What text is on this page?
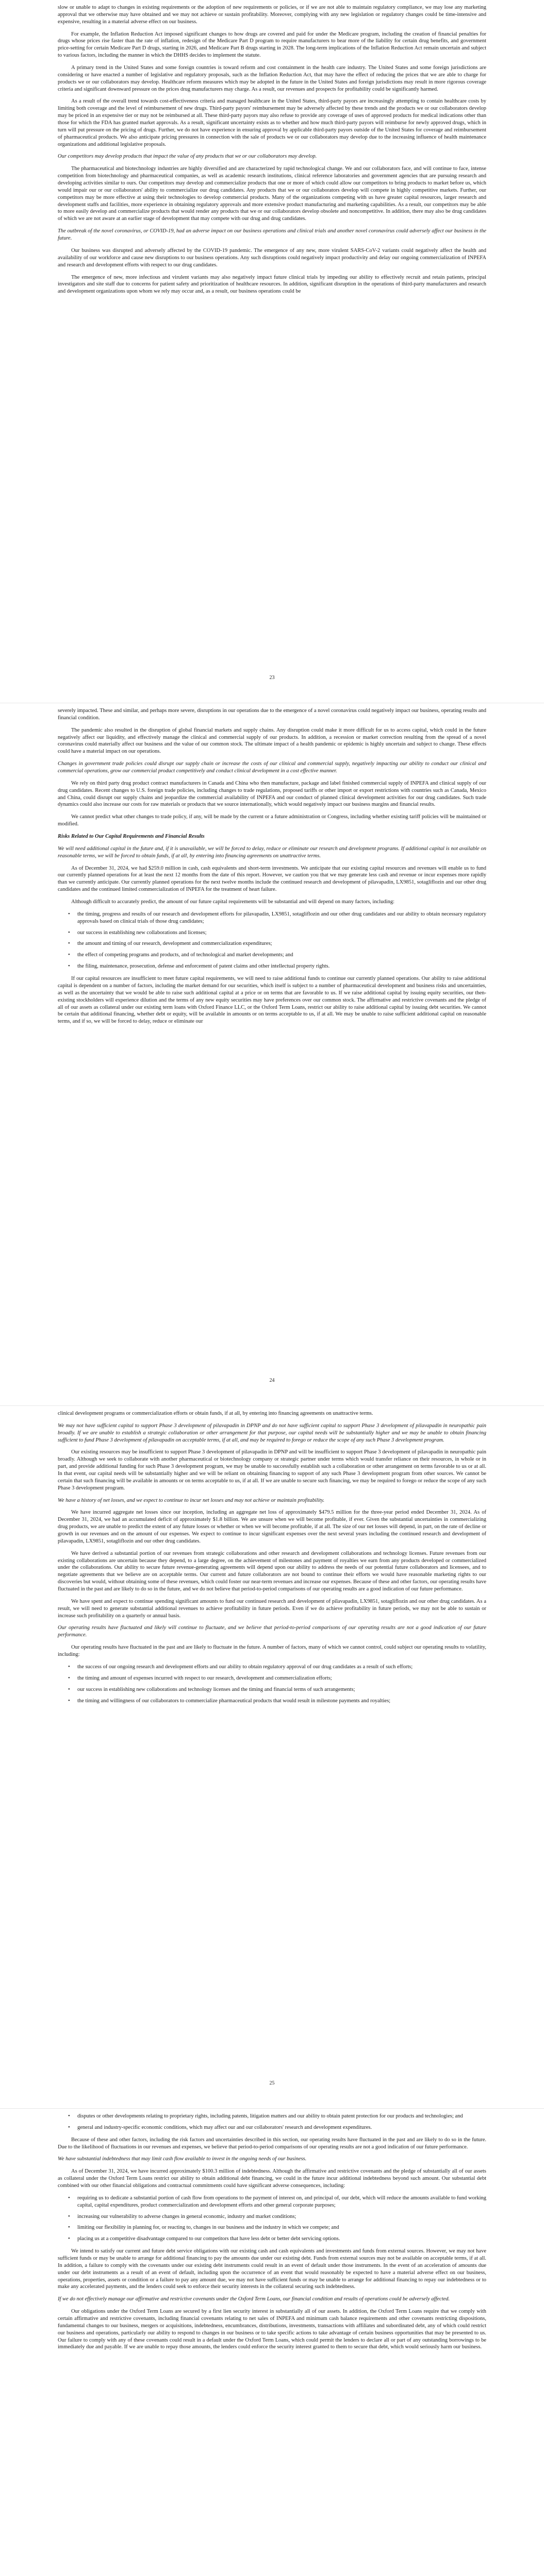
slow or unable to adapt to changes in existing requirements or the adoption of new requirements or policies, or if we are not able to maintain regulatory compliance, we may lose any marketing approval that we otherwise may have obtained and we may not achieve or sustain profitability. Moreover, complying with any new legislation or regulatory changes could be time-intensive and expensive, resulting in a material adverse effect on our business.

For example, the Inflation Reduction Act imposed significant changes to how drugs are covered and paid for under the Medicare program, including the creation of financial penalties for drugs whose prices rise faster than the rate of inflation, redesign of the Medicare Part D program to require manufacturers to bear more of the liability for certain drug benefits, and government price-setting for certain Medicare Part D drugs, starting in 2026, and Medicare Part B drugs starting in 2028. The long-term implications of the Inflation Reduction Act remain uncertain and subject to various factors, including the manner in which the DHHS decides to implement the statute.

A primary trend in the United States and some foreign countries is toward reform and cost containment in the health care industry. The United States and some foreign jurisdictions are considering or have enacted a number of legislative and regulatory proposals, such as the Inflation Reduction Act, that may have the effect of reducing the prices that we are able to charge for products we or our collaborators may develop. Healthcare reform measures which may be adopted in the future in the United States and foreign jurisdictions may result in more rigorous coverage criteria and significant downward pressure on the prices drug manufacturers may charge. As a result, our revenues and prospects for profitability could be significantly harmed.

As a result of the overall trend towards cost-effectiveness criteria and managed healthcare in the United States, third-party payors are increasingly attempting to contain healthcare costs by limiting both coverage and the level of reimbursement of new drugs. Third-party payors' reimbursement may be adversely affected by these trends and the products we or our collaborators develop may be priced in an expensive tier or may not be reimbursed at all. These third-party payors may also refuse to provide any coverage of uses of approved products for medical indications other than those for which the FDA has granted market approvals. As a result, significant uncertainty exists as to whether and how much third-party payors will reimburse for newly approved drugs, which in turn will put pressure on the pricing of drugs. Further, we do not have experience in ensuring approval by applicable third-party payors outside of the United States for coverage and reimbursement of pharmaceutical products. We also anticipate pricing pressures in connection with the sale of products we or our collaborators may develop due to the increasing influence of health maintenance organizations and additional legislative proposals.

Our competitors may develop products that impact the value of any products that we or our collaborators may develop.

The pharmaceutical and biotechnology industries are highly diversified and are characterized by rapid technological change. We and our collaborators face, and will continue to face, intense competition from biotechnology and pharmaceutical companies, as well as academic research institutions, clinical reference laboratories and government agencies that are pursuing research and developing activities similar to ours. Our competitors may develop and commercialize products that one or more of which could allow our competitors to bring products to market before us, which would impair our or our collaborators' ability to commercialize our drug candidates. Any products that we or our collaborators develop will compete in highly competitive markets. Further, our competitors may be more effective at using their technologies to develop commercial products. Many of the organizations competing with us have greater capital resources, larger research and development staffs and facilities, more experience in obtaining regulatory approvals and more extensive product manufacturing and marketing capabilities. As a result, our competitors may be able to more easily develop and commercialize products that would render any products that we or our collaborators develop obsolete and noncompetitive. In addition, there may also be drug candidates of which we are not aware at an earlier stage of development that may compete with our drug and drug candidates.

The outbreak of the novel coronavirus, or COVID-19, had an adverse impact on our business operations and clinical trials and another novel coronavirus could adversely affect our business in the future.

Our business was disrupted and adversely affected by the COVID-19 pandemic. The emergence of any new, more virulent SARS-CoV-2 variants could negatively affect the health and availability of our workforce and cause new disruptions to our business operations. Any such disruptions could negatively impact productivity and delay our ongoing commercialization of INPEFA and research and development efforts with respect to our drug candidates.

The emergence of new, more infectious and virulent variants may also negatively impact future clinical trials by impeding our ability to effectively recruit and retain patients, principal investigators and site staff due to concerns for patient safety and prioritization of healthcare resources. In addition, significant disruption in the operations of third-party manufacturers and research and development organizations upon whom we rely may occur and, as a result, our business operations could be

23

severely impacted. These and similar, and perhaps more severe, disruptions in our operations due to the emergence of a novel coronavirus could negatively impact our business, operating results and financial condition.

The pandemic also resulted in the disruption of global financial markets and supply chains. Any disruption could make it more difficult for us to access capital, which could in the future negatively affect our liquidity, and effectively manage the clinical and commercial supply of our products. In addition, a recession or market correction resulting from the spread of a novel coronavirus could materially affect our business and the value of our common stock. The ultimate impact of a health pandemic or epidemic is highly uncertain and subject to change. These effects could have a material impact on our operations.

Changes in government trade policies could disrupt our supply chain or increase the costs of our clinical and commercial supply, negatively impacting our ability to conduct our clinical and commercial operations, grow our commercial product competitively and conduct clinical development in a cost effective manner.

We rely on third party drug product contract manufacturers in Canada and China who then manufacture, package and label finished commercial supply of INPEFA and clinical supply of our drug candidates. Recent changes to U.S. foreign trade policies, including changes to trade regulations, proposed tariffs or other import or export restrictions with countries such as Canada, Mexico and China, could disrupt our supply chains and jeopardize the commercial availability of INPEFA and our conduct of planned clinical development activities for our drug candidates. Such trade dynamics could also increase our costs for raw materials or products that we source internationally, which would negatively impact our business margins and financial results.

We cannot predict what other changes to trade policy, if any, will be made by the current or a future administration or Congress, including whether existing tariff policies will be maintained or modified.

Risks Related to Our Capital Requirements and Financial Results

We will need additional capital in the future and, if it is unavailable, we will be forced to delay, reduce or eliminate our research and development programs. If additional capital is not available on reasonable terms, we will be forced to obtain funds, if at all, by entering into financing agreements on unattractive terms.

As of December 31, 2024, we had $259.0 million in cash, cash equivalents and short-term investments. We anticipate that our existing capital resources and revenues will enable us to fund our currently planned operations for at least the next 12 months from the date of this report. However, we caution you that we may generate less cash and revenue or incur expenses more rapidly than we currently anticipate. Our currently planned operations for the next twelve months include the continued research and development of pilavapadin, LX9851, sotagliflozin and our other drug candidates and the continued limited commercialization of INPEFA for the treatment of heart failure.

Although difficult to accurately predict, the amount of our future capital requirements will be substantial and will depend on many factors, including:

• the timing, progress and results of our research and development efforts for pilavapadin, LX9851, sotagliflozin and our other drug candidates and our ability to obtain necessary regulatory approvals based on clinical trials of those drug candidates;
• our success in establishing new collaborations and licenses;
• the amount and timing of our research, development and commercialization expenditures;
• the effect of competing programs and products, and of technological and market developments; and
• the filing, maintenance, prosecution, defense and enforcement of patent claims and other intellectual property rights.

If our capital resources are insufficient to meet future capital requirements, we will need to raise additional funds to continue our currently planned operations. Our ability to raise additional capital is dependent on a number of factors, including the market demand for our securities, which itself is subject to a number of pharmaceutical development and business risks and uncertainties, as well as the uncertainty that we would be able to raise such additional capital at a price or on terms that are favorable to us. If we raise additional capital by issuing equity securities, our then-existing stockholders will experience dilution and the terms of any new equity securities may have preferences over our common stock. The affirmative and restrictive covenants and the pledge of all of our assets as collateral under our existing term loans with Oxford Finance LLC, or the Oxford Term Loans, restrict our ability to raise additional capital by issuing debt securities. We cannot be certain that additional financing, whether debt or equity, will be available in amounts or on terms acceptable to us, if at all. We may be unable to raise sufficient additional capital on reasonable terms, and if so, we will be forced to delay, reduce or eliminate our

24

clinical development programs or commercialization efforts or obtain funds, if at all, by entering into financing agreements on unattractive terms.

We may not have sufficient capital to support Phase 3 development of pilavapadin in DPNP and do not have sufficient capital to support Phase 3 development of pilavapadin in neuropathic pain broadly. If we are unable to establish a strategic collaboration or other arrangement for that purpose, our capital needs will be substantially higher and we may be unable to obtain financing sufficient to fund Phase 3 development of pilavapadin on acceptable terms, if at all, and may be required to forego or reduce the scope of any such Phase 3 development program.

Our existing resources may be insufficient to support Phase 3 development of pilavapadin in DPNP and will be insufficient to support Phase 3 development of pilavapadin in neuropathic pain broadly. Although we seek to collaborate with another pharmaceutical or biotechnology company or strategic partner under terms which would transfer reliance on their resources, in whole or in part, and provide additional funding for such Phase 3 development program, we may be unable to successfully establish such a collaboration or other arrangement on terms favorable to us or at all. In that event, our capital needs will be substantially higher and we will be reliant on obtaining financing to support of any such Phase 3 development program from other sources. We cannot be certain that such financing will be available in amounts or on terms acceptable to us, if at all. If we are unable to secure such financing, we may be required to forego or reduce the scope of any such Phase 3 development program.

We have a history of net losses, and we expect to continue to incur net losses and may not achieve or maintain profitability.

We have incurred aggregate net losses since our inception, including an aggregate net loss of approximately $479.5 million for the three-year period ended December 31, 2024. As of December 31, 2024, we had an accumulated deficit of approximately $1.8 billion. We are unsure when we will become profitable, if ever. Given the substantial uncertainties in commercializing drug products, we are unable to predict the extent of any future losses or whether or when we will become profitable, if at all. The size of our net losses will depend, in part, on the rate of decline or growth in our revenues and on the amount of our expenses. We expect to continue to incur significant expenses over the next several years including the continued research and development of pilavapadin, LX9851, sotagliflozin and our other drug candidates.

We have derived a substantial portion of our revenues from strategic collaborations and other research and development collaborations and technology licenses. Future revenues from our existing collaborations are uncertain because they depend, to a large degree, on the achievement of milestones and payment of royalties we earn from any products developed or commercialized under the collaborations. Our ability to secure future revenue-generating agreements will depend upon our ability to address the needs of our potential future collaborators and licensees, and to negotiate agreements that we believe are on acceptable terms. Our current and future collaborators are not bound to continue their efforts we would have reasonable marketing rights to our discoveries but would, without obtaining some of these revenues, which could foster our near-term revenues and increase our expenses. Because of these and other factors, our operating results have fluctuated in the past and are likely to do so in the future, and we do not believe that period-to-period comparisons of our operating results are a good indication of our future performance.

We have spent and expect to continue spending significant amounts to fund our continued research and development of pilavapadin, LX9851, sotagliflozin and our other drug candidates. As a result, we will need to generate substantial additional revenues to achieve profitability in future periods. Even if we do achieve profitability in future periods, we may not be able to sustain or increase such profitability on a quarterly or annual basis.

Our operating results have fluctuated and likely will continue to fluctuate, and we believe that period-to-period comparisons of our operating results are not a good indication of our future performance.

Our operating results have fluctuated in the past and are likely to fluctuate in the future. A number of factors, many of which we cannot control, could subject our operating results to volatility, including:

• the success of our ongoing research and development efforts and our ability to obtain regulatory approval of our drug candidates as a result of such efforts;
• the timing and amount of expenses incurred with respect to our research, development and commercialization efforts;
• our success in establishing new collaborations and technology licenses and the timing and financial terms of such arrangements;
• the timing and willingness of our collaborators to commercialize pharmaceutical products that would result in milestone payments and royalties;
25
• disputes or other developments relating to proprietary rights, including patents, litigation matters and our ability to obtain patent protection for our products and technologies; and
• general and industry-specific economic conditions, which may affect our and our collaborators' research and development expenditures.

Because of these and other factors, including the risk factors and uncertainties described in this section, our operating results have fluctuated in the past and are likely to do so in the future. Due to the likelihood of fluctuations in our revenues and expenses, we believe that period-to-period comparisons of our operating results are not a good indication of our future performance.

We have substantial indebtedness that may limit cash flow available to invest in the ongoing needs of our business.

As of December 31, 2024, we have incurred approximately $100.3 million of indebtedness. Although the affirmative and restrictive covenants and the pledge of substantially all of our assets as collateral under the Oxford Term Loans restrict our ability to obtain additional debt financing, we could in the future incur additional indebtedness beyond such amount. Our substantial debt combined with our other financial obligations and contractual commitments could have significant adverse consequences, including:

• requiring us to dedicate a substantial portion of cash flow from operations to the payment of interest on, and principal of, our debt, which will reduce the amounts available to fund working capital, capital expenditures, product commercialization and development efforts and other general corporate purposes;
• increasing our vulnerability to adverse changes in general economic, industry and market conditions;
• limiting our flexibility in planning for, or reacting to, changes in our business and the industry in which we compete; and
• placing us at a competitive disadvantage compared to our competitors that have less debt or better debt servicing options.

We intend to satisfy our current and future debt service obligations with our existing cash and cash equivalents and investments and funds from external sources. However, we may not have sufficient funds or may be unable to arrange for additional financing to pay the amounts due under our existing debt. Funds from external sources may not be available on acceptable terms, if at all. In addition, a failure to comply with the covenants under our existing debt instruments could result in an event of default under those instruments. In the event of an acceleration of amounts due under our debt instruments as a result of an event of default, including upon the occurrence of an event that would reasonably be expected to have a material adverse effect on our business, operations, properties, assets or condition or a failure to pay any amount due, we may not have sufficient funds or may be unable to arrange for additional financing to repay our indebtedness or to make any accelerated payments, and the lenders could seek to enforce their security interests in the collateral securing such indebtedness.

If we do not effectively manage our affirmative and restrictive covenants under the Oxford Term Loans, our financial condition and results of operations could be adversely affected.

Our obligations under the Oxford Term Loans are secured by a first lien security interest in substantially all of our assets. In addition, the Oxford Term Loans require that we comply with certain affirmative and restrictive covenants, including financial covenants relating to net sales of INPEFA and minimum cash balance requirements and other covenants restricting dispositions, fundamental changes to our business, mergers or acquisitions, indebtedness, encumbrances, distributions, investments, transactions with affiliates and subordinated debt, any of which could restrict our business and operations, particularly our ability to respond to changes in our business or to take specific actions to take advantage of certain business opportunities that may be presented to us. Our failure to comply with any of these covenants could result in a default under the Oxford Term Loans, which could permit the lenders to declare all or part of any outstanding borrowings to be immediately due and payable. If we are unable to repay those amounts, the lenders could enforce the security interest granted to them to secure that debt, which would seriously harm our business.
